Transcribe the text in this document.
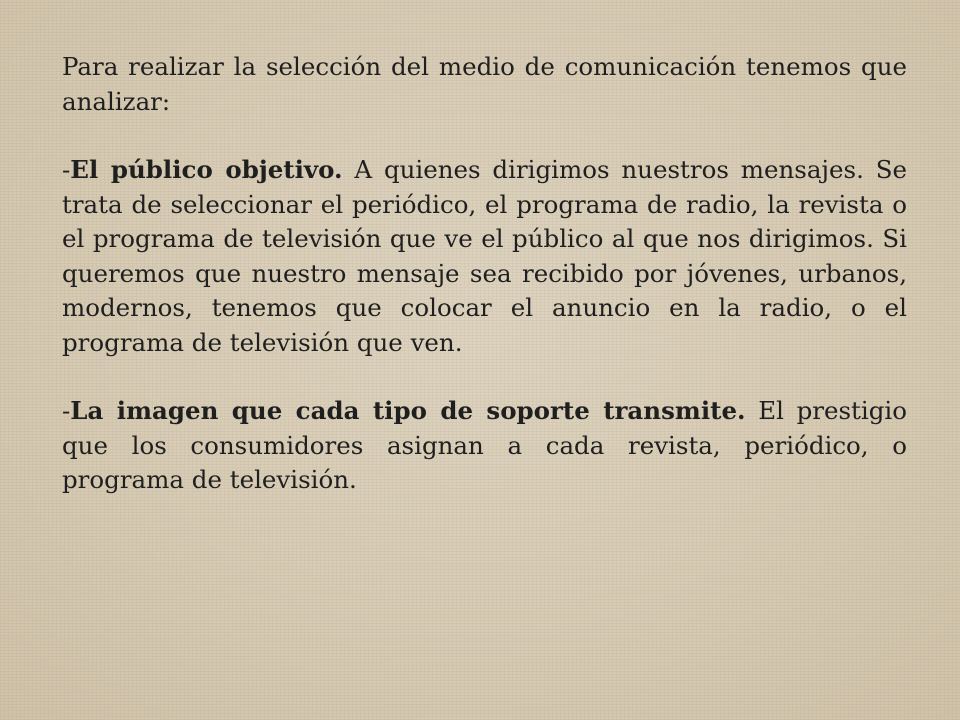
Para realizar la selección del medio de comunicación tenemos que analizar:

-El público objetivo. A quienes dirigimos nuestros mensajes. Se trata de seleccionar el periódico, el programa de radio, la revista o el programa de televisión que ve el público al que nos dirigimos. Si queremos que nuestro mensaje sea recibido por jóvenes, urbanos, modernos, tenemos que colocar el anuncio en la radio, o el programa de televisión que ven.

-La imagen que cada tipo de soporte transmite. El prestigio que los consumidores asignan a cada revista, periódico, o programa de televisión.
